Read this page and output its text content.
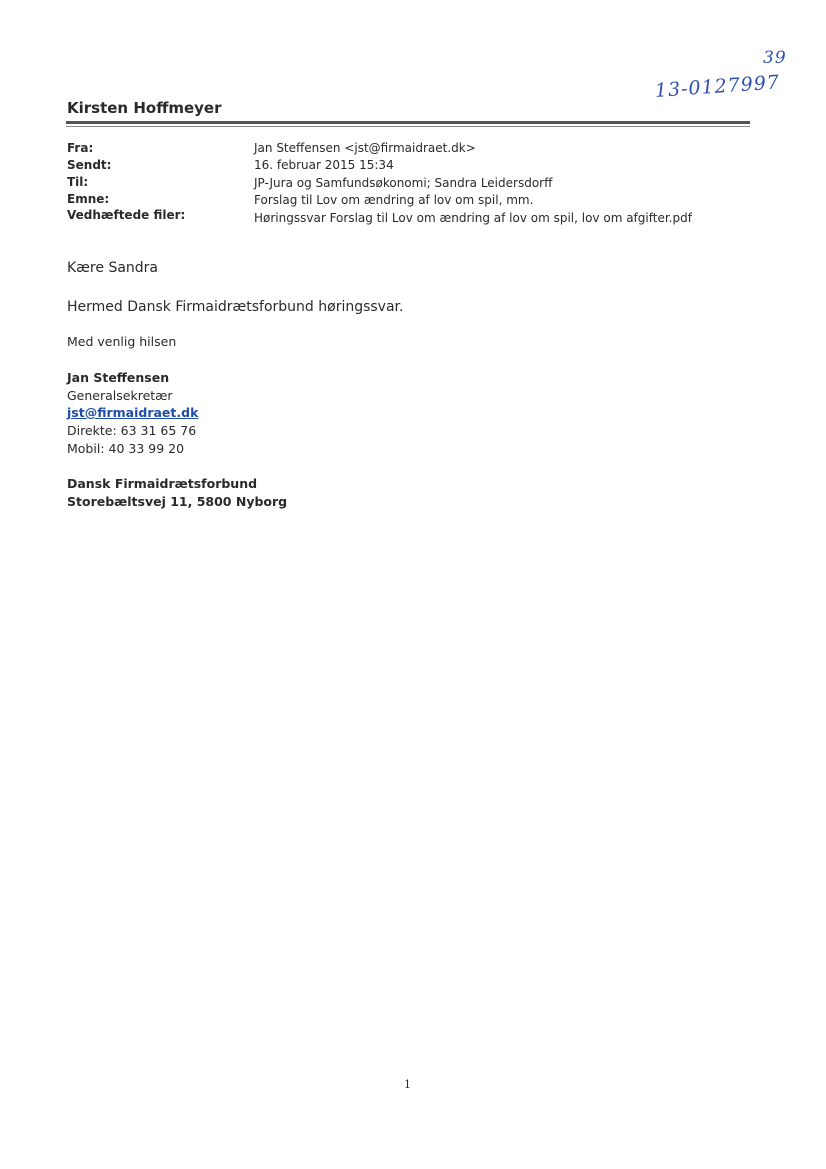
39
13-0127997
Kirsten Hoffmeyer
Fra:	Jan Steffensen <jst@firmaidraet.dk>
Sendt:	16. februar 2015 15:34
Til:	JP-Jura og Samfundsøkonomi; Sandra Leidersdorff
Emne:	Forslag til Lov om ændring af lov om spil, mm.
Vedhæftede filer:	Høringssvar Forslag til Lov om ændring af lov om spil, lov om afgifter.pdf
Kære Sandra
Hermed Dansk Firmaidrætsforbund høringssvar.
Med venlig hilsen
Jan Steffensen
Generalsekretær
jst@firmaidraet.dk
Direkte: 63 31 65 76
Mobil: 40 33 99 20
Dansk Firmaidrætsforbund
Storebæltsvej 11, 5800 Nyborg
1
